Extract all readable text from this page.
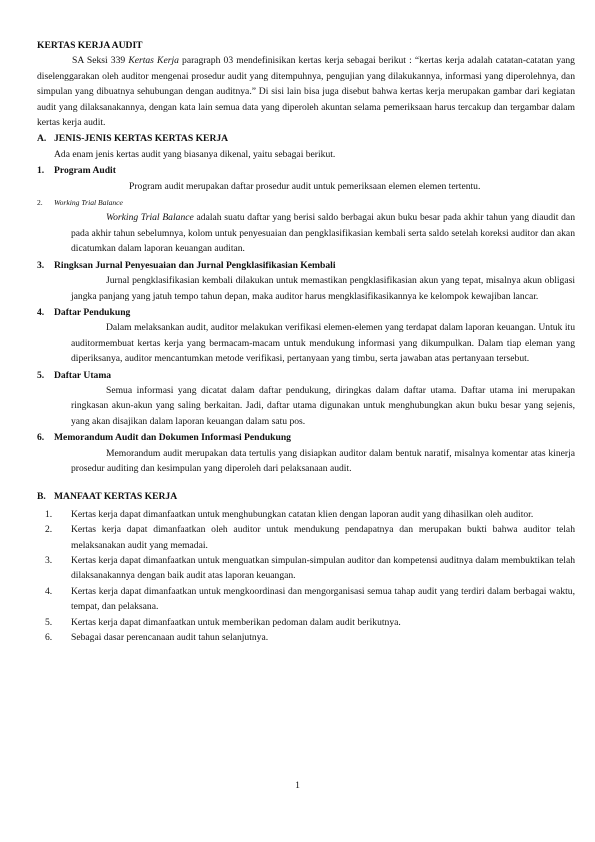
KERTAS KERJA AUDIT

SA Seksi 339 Kertas Kerja paragraph 03 mendefinisikan kertas kerja sebagai berikut : “kertas kerja adalah catatan-catatan yang diselenggarakan oleh auditor mengenai prosedur audit yang ditempuhnya, pengujian yang dilakukannya, informasi yang diperolehnya, dan simpulan yang dibuatnya sehubungan dengan auditnya.” Di sisi lain bisa juga disebut bahwa kertas kerja merupakan gambar dari kegiatan audit yang dilaksanakannya, dengan kata lain semua data yang diperoleh akuntan selama pemeriksaan harus tercakup dan tergambar dalam kertas kerja audit.

A. JENIS-JENIS KERTAS KERTAS KERJA

Ada enam jenis kertas audit yang biasanya dikenal, yaitu sebagai berikut.

1.	Program Audit

Program audit merupakan daftar prosedur audit untuk pemeriksaan elemen elemen tertentu.

2.	Working Trial Balance

Working Trial Balance adalah suatu daftar yang berisi saldo berbagai akun buku besar pada akhir tahun yang diaudit dan pada akhir tahun sebelumnya, kolom untuk penyesuaian dan pengklasifikasian kembali serta saldo setelah koreksi auditor dan akan dicatumkan dalam laporan keuangan auditan.

3.	Ringksan Jurnal Penyesuaian dan Jurnal Pengklasifikasian Kembali

Jurnal pengklasifikasian kembali dilakukan untuk memastikan pengklasifikasian akun yang tepat, misalnya akun obligasi jangka panjang yang jatuh tempo tahun depan, maka auditor harus mengklasifikasikannya ke kelompok kewajiban lancar.

4.	Daftar Pendukung

Dalam melaksankan audit, auditor melakukan verifikasi elemen-elemen yang terdapat dalam laporan keuangan. Untuk itu auditormembuat kertas kerja yang bermacam-macam untuk mendukung informasi yang dikumpulkan. Dalam tiap eleman yang diperiksanya, auditor mencantumkan metode verifikasi, pertanyaan yang timbu, serta jawaban atas pertanyaan tersebut.

5.	Daftar Utama

Semua informasi yang dicatat dalam daftar pendukung, diringkas dalam daftar utama. Daftar utama ini merupakan ringkasan akun-akun yang saling berkaitan. Jadi, daftar utama digunakan untuk menghubungkan akun buku besar yang sejenis, yang akan disajikan dalam laporan keuangan dalam satu pos.

6.	Memorandum Audit dan Dokumen Informasi Pendukung

Memorandum audit merupakan data tertulis yang disiapkan auditor dalam bentuk naratif, misalnya komentar atas kinerja prosedur auditing dan kesimpulan yang diperoleh dari pelaksanaan audit.

B. MANFAAT KERTAS KERJA
1.	Kertas kerja dapat dimanfaatkan untuk menghubungkan catatan klien dengan laporan audit yang dihasilkan oleh auditor.
2.	Kertas kerja dapat dimanfaatkan oleh auditor untuk mendukung pendapatnya dan merupakan bukti bahwa auditor telah melaksanakan audit yang memadai.
3.	Kertas kerja dapat dimanfaatkan untuk menguatkan simpulan-simpulan auditor dan kompetensi auditnya dalam membuktikan telah dilaksanakannya dengan baik audit atas laporan keuangan.
4.	Kertas kerja dapat dimanfaatkan untuk mengkoordinasi dan mengorganisasi semua tahap audit yang terdiri dalam berbagai waktu, tempat, dan pelaksana.
5.	Kertas kerja dapat dimanfaatkan untuk memberikan pedoman dalam audit berikutnya.
6.	Sebagai dasar perencanaan audit tahun selanjutnya.
1
